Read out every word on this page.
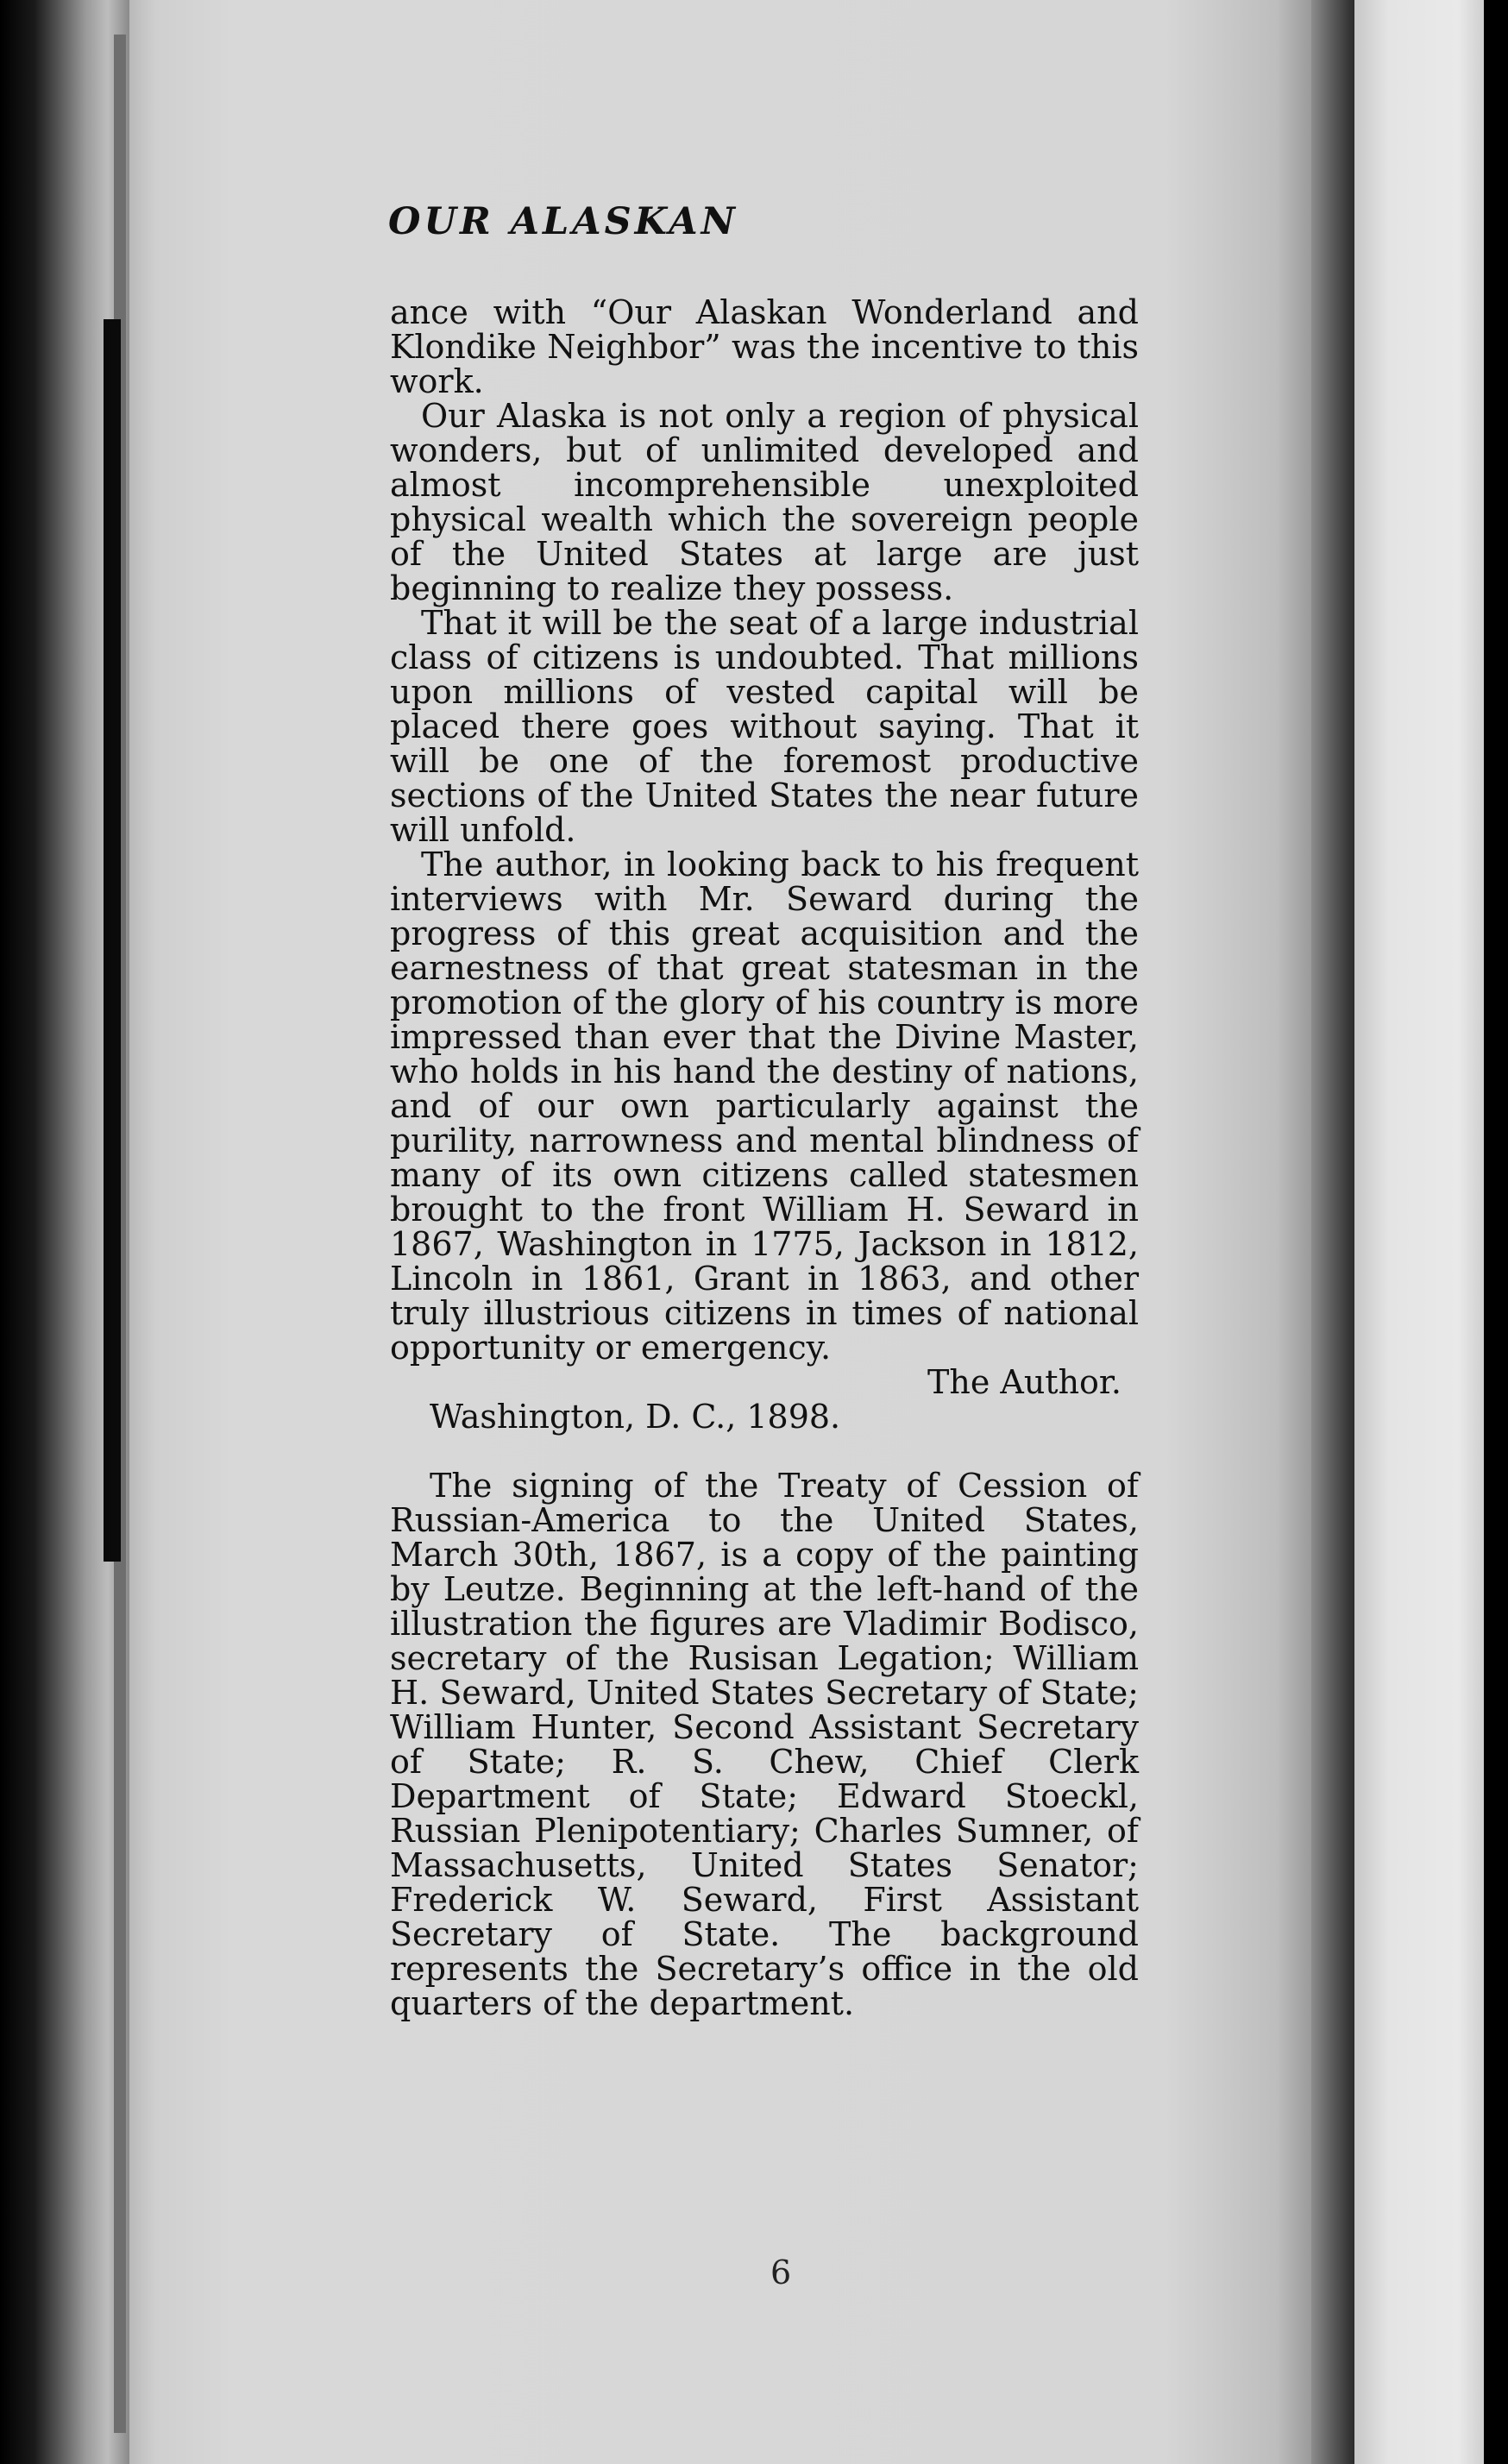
OUR ALASKAN

ance with “Our Alaskan Wonderland and Klondike Neighbor” was the incentive to this work.

Our Alaska is not only a region of physical wonders, but of unlimited developed and almost incomprehensible unexploited physical wealth which the sovereign people of the United States at large are just beginning to realize they possess.

That it will be the seat of a large industrial class of citizens is undoubted. That millions upon millions of vested capital will be placed there goes without saying. That it will be one of the foremost productive sections of the United States the near future will unfold.

The author, in looking back to his frequent interviews with Mr. Seward during the progress of this great acquisition and the earnestness of that great statesman in the promotion of the glory of his country is more impressed than ever that the Divine Master, who holds in his hand the destiny of nations, and of our own particularly against the purility, narrowness and mental blindness of many of its own citizens called statesmen brought to the front William H. Seward in 1867, Washington in 1775, Jackson in 1812, Lincoln in 1861, Grant in 1863, and other truly illustrious citizens in times of national opportunity or emergency.

The Author.

Washington, D. C., 1898.

The signing of the Treaty of Cession of Russian-America to the United States, March 30th, 1867, is a copy of the painting by Leutze. Beginning at the left-hand of the illustration the figures are Vladimir Bodisco, secretary of the Rusisan Legation; William H. Seward, United States Secretary of State; William Hunter, Second Assistant Secretary of State; R. S. Chew, Chief Clerk Department of State; Edward Stoeckl, Russian Plenipotentiary; Charles Sumner, of Massachusetts, United States Senator; Frederick W. Seward, First Assistant Secretary of State. The background represents the Secretary’s office in the old quarters of the department.

6
